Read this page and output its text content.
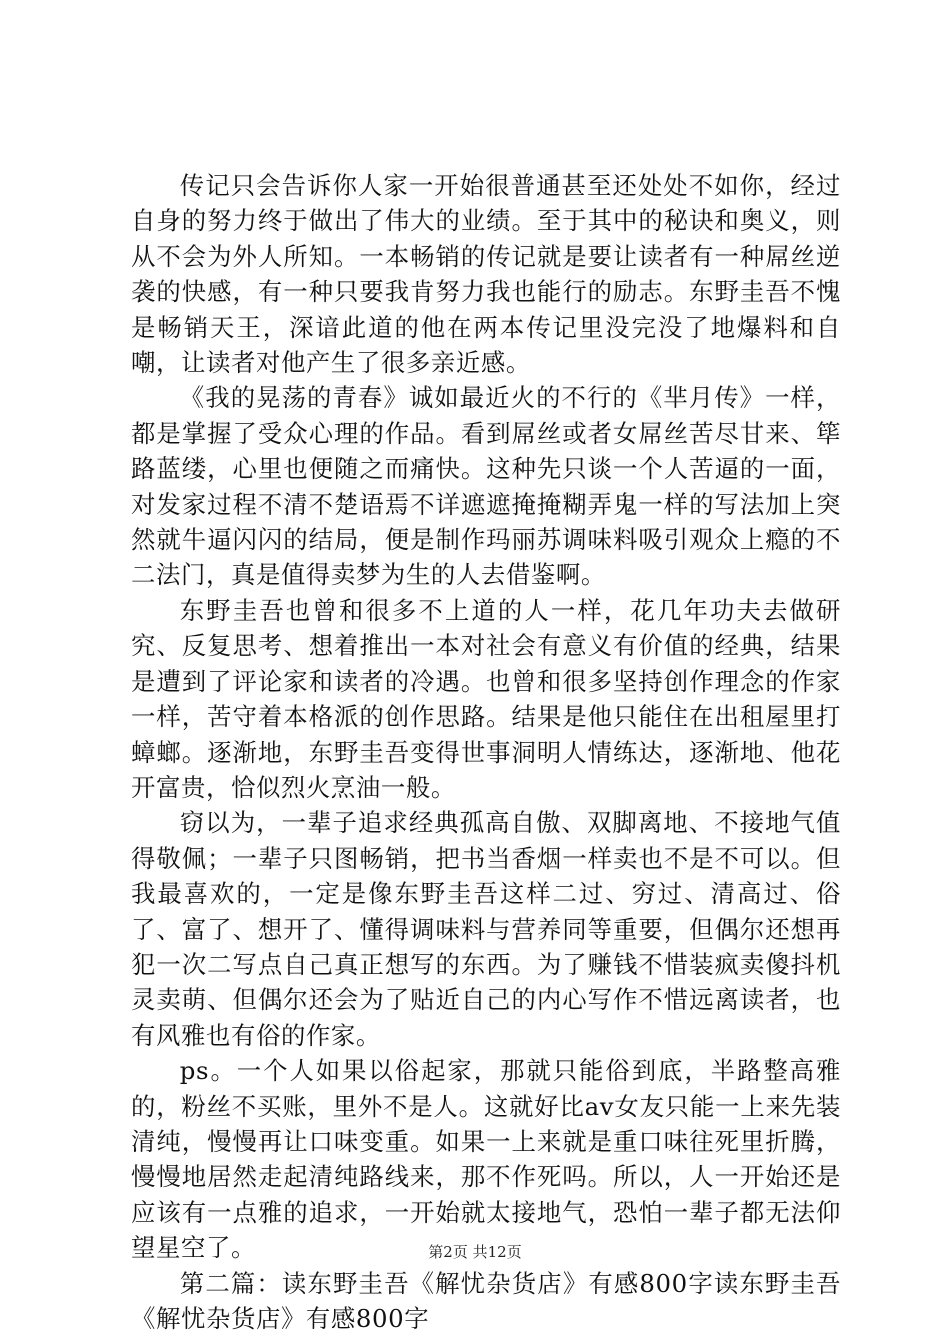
传记只会告诉你人家一开始很普通甚至还处处不如你，经过自身的努力终于做出了伟大的业绩。至于其中的秘诀和奥义，则从不会为外人所知。一本畅销的传记就是要让读者有一种屌丝逆袭的快感，有一种只要我肯努力我也能行的励志。东野圭吾不愧是畅销天王，深谙此道的他在两本传记里没完没了地爆料和自嘲，让读者对他产生了很多亲近感。

《我的晃荡的青春》诚如最近火的不行的《芈月传》一样，都是掌握了受众心理的作品。看到屌丝或者女屌丝苦尽甘来、筚路蓝缕，心里也便随之而痛快。这种先只谈一个人苦逼的一面，对发家过程不清不楚语焉不详遮遮掩掩糊弄鬼一样的写法加上突然就牛逼闪闪的结局，便是制作玛丽苏调味料吸引观众上瘾的不二法门，真是值得卖梦为生的人去借鉴啊。

东野圭吾也曾和很多不上道的人一样，花几年功夫去做研究、反复思考、想着推出一本对社会有意义有价值的经典，结果是遭到了评论家和读者的冷遇。也曾和很多坚持创作理念的作家一样，苦守着本格派的创作思路。结果是他只能住在出租屋里打蟑螂。逐渐地，东野圭吾变得世事洞明人情练达，逐渐地、他花开富贵，恰似烈火烹油一般。

窃以为，一辈子追求经典孤高自傲、双脚离地、不接地气值得敬佩；一辈子只图畅销，把书当香烟一样卖也不是不可以。但我最喜欢的，一定是像东野圭吾这样二过、穷过、清高过、俗了、富了、想开了、懂得调味料与营养同等重要，但偶尔还想再犯一次二写点自己真正想写的东西。为了赚钱不惜装疯卖傻抖机灵卖萌、但偶尔还会为了贴近自己的内心写作不惜远离读者，也有风雅也有俗的作家。

ps。一个人如果以俗起家，那就只能俗到底，半路整高雅的，粉丝不买账，里外不是人。这就好比av女友只能一上来先装清纯，慢慢再让口味变重。如果一上来就是重口味往死里折腾，慢慢地居然走起清纯路线来，那不作死吗。所以，人一开始还是应该有一点雅的追求，一开始就太接地气，恐怕一辈子都无法仰望星空了。

第二篇：读东野圭吾《解忧杂货店》有感800字读东野圭吾《解忧杂货店》有感800字

第2页 共12页
